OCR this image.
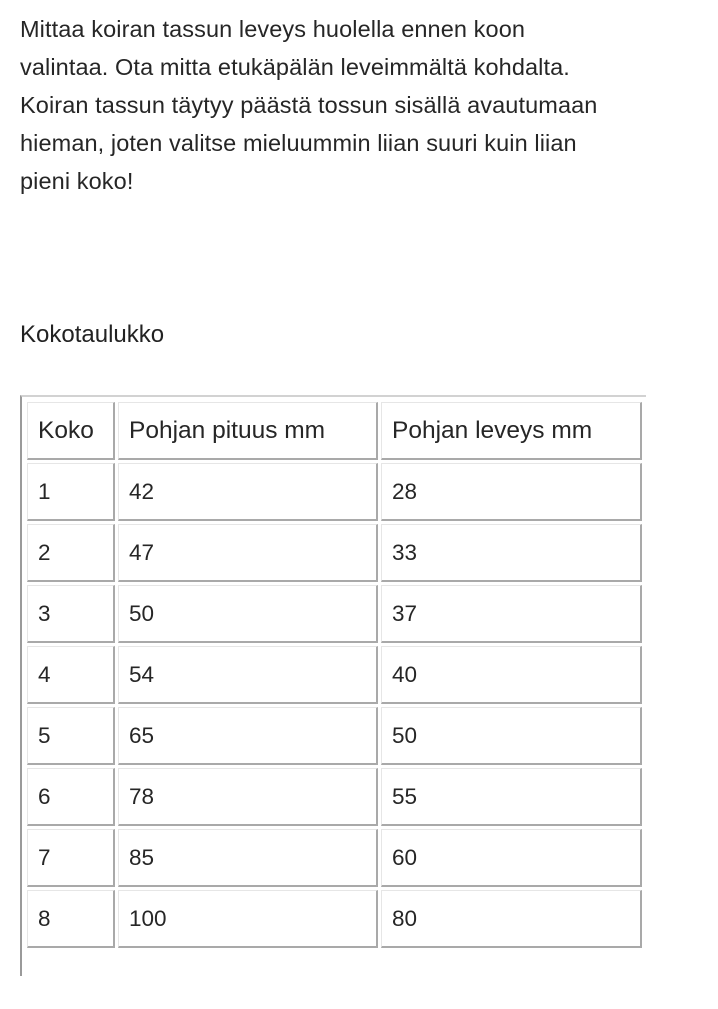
Mittaa koiran tassun leveys huolella ennen koon
valintaa. Ota mitta etukäpälän leveimmältä kohdalta.
Koiran tassun täytyy päästä tossun sisällä avautumaan
hieman, joten valitse mieluummin liian suuri kuin liian
pieni koko!

Kokotaulukko
Koko	Pohjan pituus mm	Pohjan leveys mm
1	42	28
2	47	33
3	50	37
4	54	40
5	65	50
6	78	55
7	85	60
8	100	80
